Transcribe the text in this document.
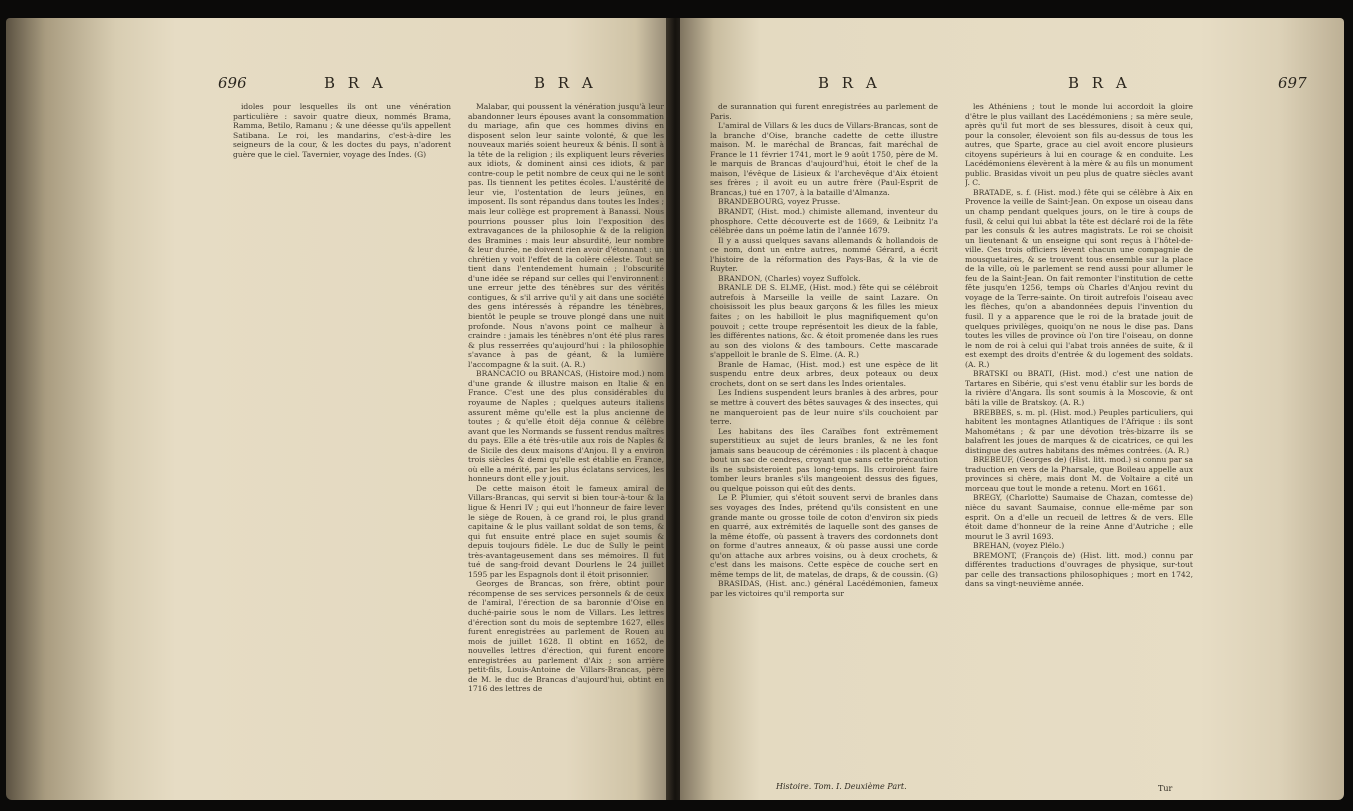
696	B R A	B R A

idoles pour lesquelles ils ont une vénération particulière : savoir quatre dieux, nommés Brama, Ramma, Betilo, Ramanu ; & une déesse qu'ils appellent Satibana. Le roi, les mandarins, c'est-à-dire les seigneurs de la cour, & les doctes du pays, n'adorent guère que le ciel. Tavernier, voyage des Indes. (G)

Malabar, qui poussent la vénération jusqu'à leur abandonner leurs épouses avant la consommation du mariage, afin que ces hommes divins en disposent selon leur sainte volonté, & que les nouveaux mariés soient heureux & bénis. Il sont à la tête de la religion ; ils expliquent leurs rêveries aux idiots, & dominent ainsi ces idiots, & par contre-coup le petit nombre de ceux qui ne le sont pas. Ils tiennent les petites écoles. L'austérité de leur vie, l'ostentation de leurs jeûnes, en imposent. Ils sont répandus dans toutes les Indes ; mais leur collège est proprement à Banassi. Nous pourrions pousser plus loin l'exposition des extravagances de la philosophie & de la religion des Bramines : mais leur absurdité, leur nombre & leur durée, ne doivent rien avoir d'étonnant : un chrétien y voit l'effet de la colère céleste. Tout se tient dans l'entendement humain ; l'obscurité d'une idée se répand sur celles qui l'environnent : une erreur jette des ténèbres sur des vérités contigues, & s'il arrive qu'il y ait dans une société des gens intéressés à répandre les ténèbres, bientôt le peuple se trouve plongé dans une nuit profonde. Nous n'avons point ce malheur à craindre : jamais les ténèbres n'ont été plus rares & plus resserrées qu'aujourd'hui : la philosophie s'avance à pas de géant, & la lumière l'accompagne & la suit. (A. R.)

BRANCACIO ou BRANCAS, (Histoire mod.) nom d'une grande & illustre maison en Italie & en France. C'est une des plus considérables du royaume de Naples ; quelques auteurs italiens assurent même qu'elle est la plus ancienne de toutes ; & qu'elle étoit déja connue & célèbre avant que les Normands se fussent rendus maîtres du pays. Elle a été très-utile aux rois de Naples & de Sicile des deux maisons d'Anjou. Il y a environ trois siècles & demi qu'elle est établie en France, où elle a mérité, par les plus éclatans services, les honneurs dont elle y jouit.

De cette maison étoit le fameux amiral de Villars-Brancas, qui servit si bien tour-à-tour & la ligue & Henri IV ; qui eut l'honneur de faire lever le siège de Rouen, à ce grand roi, le plus grand capitaine & le plus vaillant soldat de son tems, & qui fut ensuite entré place en sujet soumis & depuis toujours fidèle. Le duc de Sully le peint très-avantageusement dans ses mémoires. Il fut tué de sang-froid devant Dourlens le 24 juillet 1595 par les Espagnols dont il étoit prisonnier.

Georges de Brancas, son frère, obtint pour récompense de ses services personnels & de ceux de l'amiral, l'érection de sa baronnie d'Oise en duché-pairie sous le nom de Villars. Les lettres d'érection sont du mois de septembre 1627, elles furent enregistrées au parlement de Rouen au mois de juillet 1628. Il obtint en 1652, de nouvelles lettres d'érection, qui furent encore enregistrées au parlement d'Aix ; son arrière petit-fils, Louis-Antoine de Villars-Brancas, père de M. le duc de Brancas d'aujourd'hui, obtint en 1716 des lettres de

B R A	B R A	697

de surannation qui furent enregistrées au parlement de Paris.

L'amiral de Villars & les ducs de Villars-Brancas, sont de la branche d'Oise, branche cadette de cette illustre maison. M. le maréchal de Brancas, fait maréchal de France le 11 février 1741, mort le 9 août 1750, père de M. le marquis de Brancas d'aujourd'hui, étoit le chef de la maison, l'évêque de Lisieux & l'archevêque d'Aix étoient ses frères ; il avoit eu un autre frère (Paul-Esprit de Brancas,) tué en 1707, à la bataille d'Almanza.

BRANDEBOURG, voyez Prusse.

BRANDT, (Hist. mod.) chimiste allemand, inventeur du phosphore. Cette découverte est de 1669, & Leibnitz l'a célébrée dans un poëme latin de l'année 1679.

Il y a aussi quelques savans allemands & hollandois de ce nom, dont un entre autres, nommé Gérard, a écrit l'histoire de la réformation des Pays-Bas, & la vie de Ruyter.

BRANDON, (Charles) voyez Suffolck.

BRANLE DE S. ELME, (Hist. mod.) fête qui se célébroit autrefois à Marseille la veille de saint Lazare. On choisissoit les plus beaux garçons & les filles les mieux faites ; on les habilloit le plus magnifiquement qu'on pouvoit ; cette troupe représentoit les dieux de la fable, les différentes nations, &c. & étoit promenée dans les rues au son des violons & des tambours. Cette mascarade s'appelloit le branle de S. Elme. (A. R.)

Branle de Hamac, (Hist. mod.) est une espèce de lit suspendu entre deux arbres, deux poteaux ou deux crochets, dont on se sert dans les Indes orientales.

Les Indiens suspendent leurs branles à des arbres, pour se mettre à couvert des bêtes sauvages & des insectes, qui ne manqueroient pas de leur nuire s'ils couchoient par terre.

Les habitans des îles Caraïbes font extrêmement superstitieux au sujet de leurs branles, & ne les font jamais sans beaucoup de cérémonies : ils placent à chaque bout un sac de cendres, croyant que sans cette précaution ils ne subsisteroient pas long-temps. Ils croiroient faire tomber leurs branles s'ils mangeoient dessus des figues, ou quelque poisson qui eût des dents.

Le P. Plumier, qui s'étoit souvent servi de branles dans ses voyages des Indes, prétend qu'ils consistent en une grande mante ou grosse toile de coton d'environ six pieds en quarré, aux extrémités de laquelle sont des ganses de la même étoffe, où passent à travers des cordonnets dont on forme d'autres anneaux, & où passe aussi une corde qu'on attache aux arbres voisins, ou à deux crochets, & c'est dans les maisons. Cette espèce de couche sert en même temps de lit, de matelas, de draps, & de coussin. (G)

BRASIDAS, (Hist. anc.) général Lacédémonien, fameux par les victoires qu'il remporta sur

Histoire. Tom. I. Deuxième Part.

les Athéniens ; tout le monde lui accordoit la gloire d'être le plus vaillant des Lacédémoniens ; sa mère seule, après qu'il fut mort de ses blessures, disoit à ceux qui, pour la consoler, élevoient son fils au-dessus de tous les autres, que Sparte, grace au ciel avoit encore plusieurs citoyens supérieurs à lui en courage & en conduite. Les Lacédémoniens élevèrent à la mère & au fils un monument public. Brasidas vivoit un peu plus de quatre siècles avant J. C.

BRATADE, s. f. (Hist. mod.) fête qui se célèbre à Aix en Provence la veille de Saint-Jean. On expose un oiseau dans un champ pendant quelques jours, on le tire à coups de fusil, & celui qui lui abbat la tête est déclaré roi de la fête par les consuls & les autres magistrats. Le roi se choisit un lieutenant & un enseigne qui sont reçus à l'hôtel-de-ville. Ces trois officiers lèvent chacun une compagnie de mousquetaires, & se trouvent tous ensemble sur la place de la ville, où le parlement se rend aussi pour allumer le feu de la Saint-Jean. On fait remonter l'institution de cette fête jusqu'en 1256, temps où Charles d'Anjou revint du voyage de la Terre-sainte. On tiroit autrefois l'oiseau avec les flèches, qu'on a abandonnées depuis l'invention du fusil. Il y a apparence que le roi de la bratade jouit de quelques privilèges, quoiqu'on ne nous le dise pas. Dans toutes les villes de province où l'on tire l'oiseau, on donne le nom de roi à celui qui l'abat trois années de suite, & il est exempt des droits d'entrée & du logement des soldats. (A. R.)

BRATSKI ou BRATI, (Hist. mod.) c'est une nation de Tartares en Sibérie, qui s'est venu établir sur les bords de la rivière d'Angara. Ils sont soumis à la Moscovie, & ont bâti la ville de Bratskoy. (A. R.)

BREBBES, s. m. pl. (Hist. mod.) Peuples particuliers, qui habitent les montagnes Atlantiques de l'Afrique : ils sont Mahométans ; & par une dévotion très-bizarre ils se balafrent les joues de marques & de cicatrices, ce qui les distingue des autres habitans des mêmes contrées. (A. R.)

BREBEUF, (Georges de) (Hist. litt. mod.) si connu par sa traduction en vers de la Pharsale, que Boileau appelle aux provinces si chère, mais dont M. de Voltaire a cité un morceau que tout le monde a retenu. Mort en 1661.

BREGY, (Charlotte) Saumaise de Chazan, comtesse de) nièce du savant Saumaise, connue elle-même par son esprit. On a d'elle un recueil de lettres & de vers. Elle étoit dame d'honneur de la reine Anne d'Autriche ; elle mourut le 3 avril 1693.

BREHAN, (voyez Plélo.)

BREMONT, (François de) (Hist. litt. mod.) connu par différentes traductions d'ouvrages de physique, sur-tout par celle des transactions philosophiques ; mort en 1742, dans sa vingt-neuvième année.

Tur
